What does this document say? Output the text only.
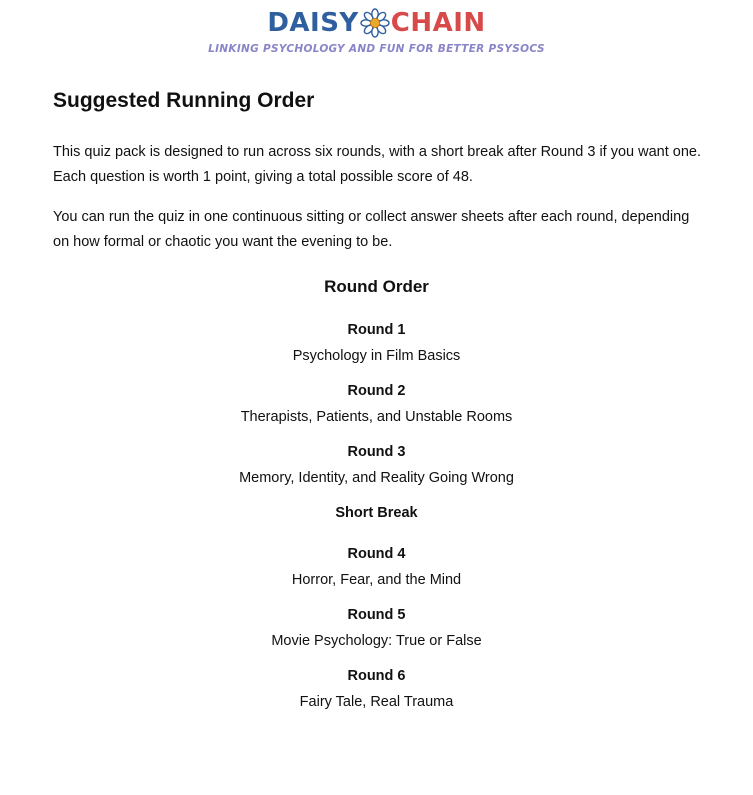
DAISY CHAIN
LINKING PSYCHOLOGY AND FUN FOR BETTER PSYSOCS
Suggested Running Order

This quiz pack is designed to run across six rounds, with a short break after Round 3 if you want one. Each question is worth 1 point, giving a total possible score of 48.

You can run the quiz in one continuous sitting or collect answer sheets after each round, depending on how formal or chaotic you want the evening to be.

Round Order
Round 1
Psychology in Film Basics
Round 2
Therapists, Patients, and Unstable Rooms
Round 3
Memory, Identity, and Reality Going Wrong
Short Break
Round 4
Horror, Fear, and the Mind
Round 5
Movie Psychology: True or False
Round 6
Fairy Tale, Real Trauma
